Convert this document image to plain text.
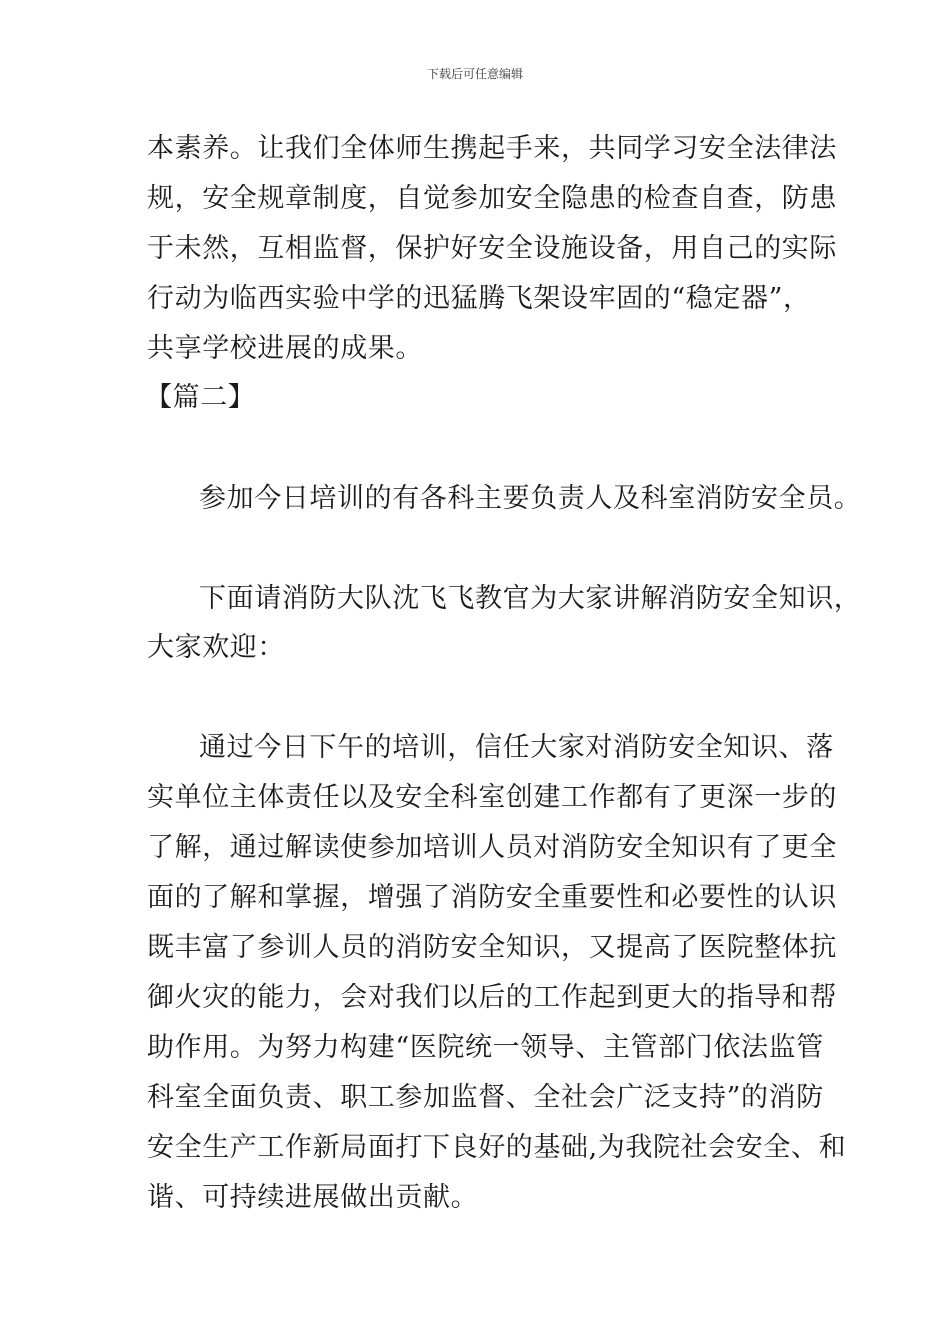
下载后可任意编辑
本素养。让我们全体师生携起手来，共同学习安全法律法
规，安全规章制度，自觉参加安全隐患的检查自查，防患
于未然，互相监督，保护好安全设施设备，用自己的实际
行动为临西实验中学的迅猛腾飞架设牢固的“稳定器”，
共享学校进展的成果。
【篇二】
参加今日培训的有各科主要负责人及科室消防安全员。
下面请消防大队沈飞飞教官为大家讲解消防安全知识，
大家欢迎：
通过今日下午的培训，信任大家对消防安全知识、落
实单位主体责任以及安全科室创建工作都有了更深一步的
了解，通过解读使参加培训人员对消防安全知识有了更全
面的了解和掌握，增强了消防安全重要性和必要性的认识
既丰富了参训人员的消防安全知识，又提高了医院整体抗
御火灾的能力，会对我们以后的工作起到更大的指导和帮
助作用。为努力构建“医院统一领导、主管部门依法监管
科室全面负责、职工参加监督、全社会广泛支持”的消防
安全生产工作新局面打下良好的基础,为我院社会安全、和
谐、可持续进展做出贡献。
